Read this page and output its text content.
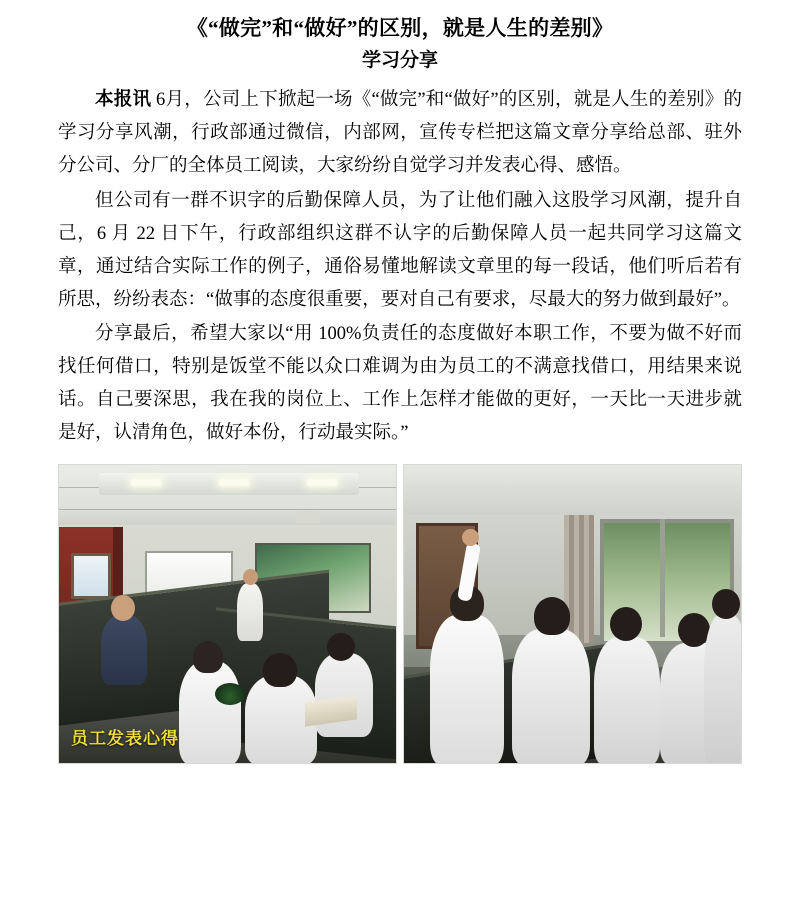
《“做完”和“做好”的区别，就是人生的差别》
学习分享

本报讯 6月，公司上下掀起一场《“做完”和“做好”的区别，就是人生的差别》的学习分享风潮，行政部通过微信，内部网，宣传专栏把这篇文章分享给总部、驻外分公司、分厂的全体员工阅读，大家纷纷自觉学习并发表心得、感悟。

但公司有一群不识字的后勤保障人员，为了让他们融入这股学习风潮，提升自己，6 月 22 日下午，行政部组织这群不认字的后勤保障人员一起共同学习这篇文章，通过结合实际工作的例子，通俗易懂地解读文章里的每一段话，他们听后若有所思，纷纷表态：“做事的态度很重要，要对自己有要求，尽最大的努力做到最好”。

分享最后，希望大家以“用 100%负责任的态度做好本职工作，不要为做不好而找任何借口，特别是饭堂不能以众口难调为由为员工的不满意找借口，用结果来说话。自己要深思，我在我的岗位上、工作上怎样才能做的更好，一天比一天进步就是好，认清角色，做好本份，行动最实际。”

员工发表心得
